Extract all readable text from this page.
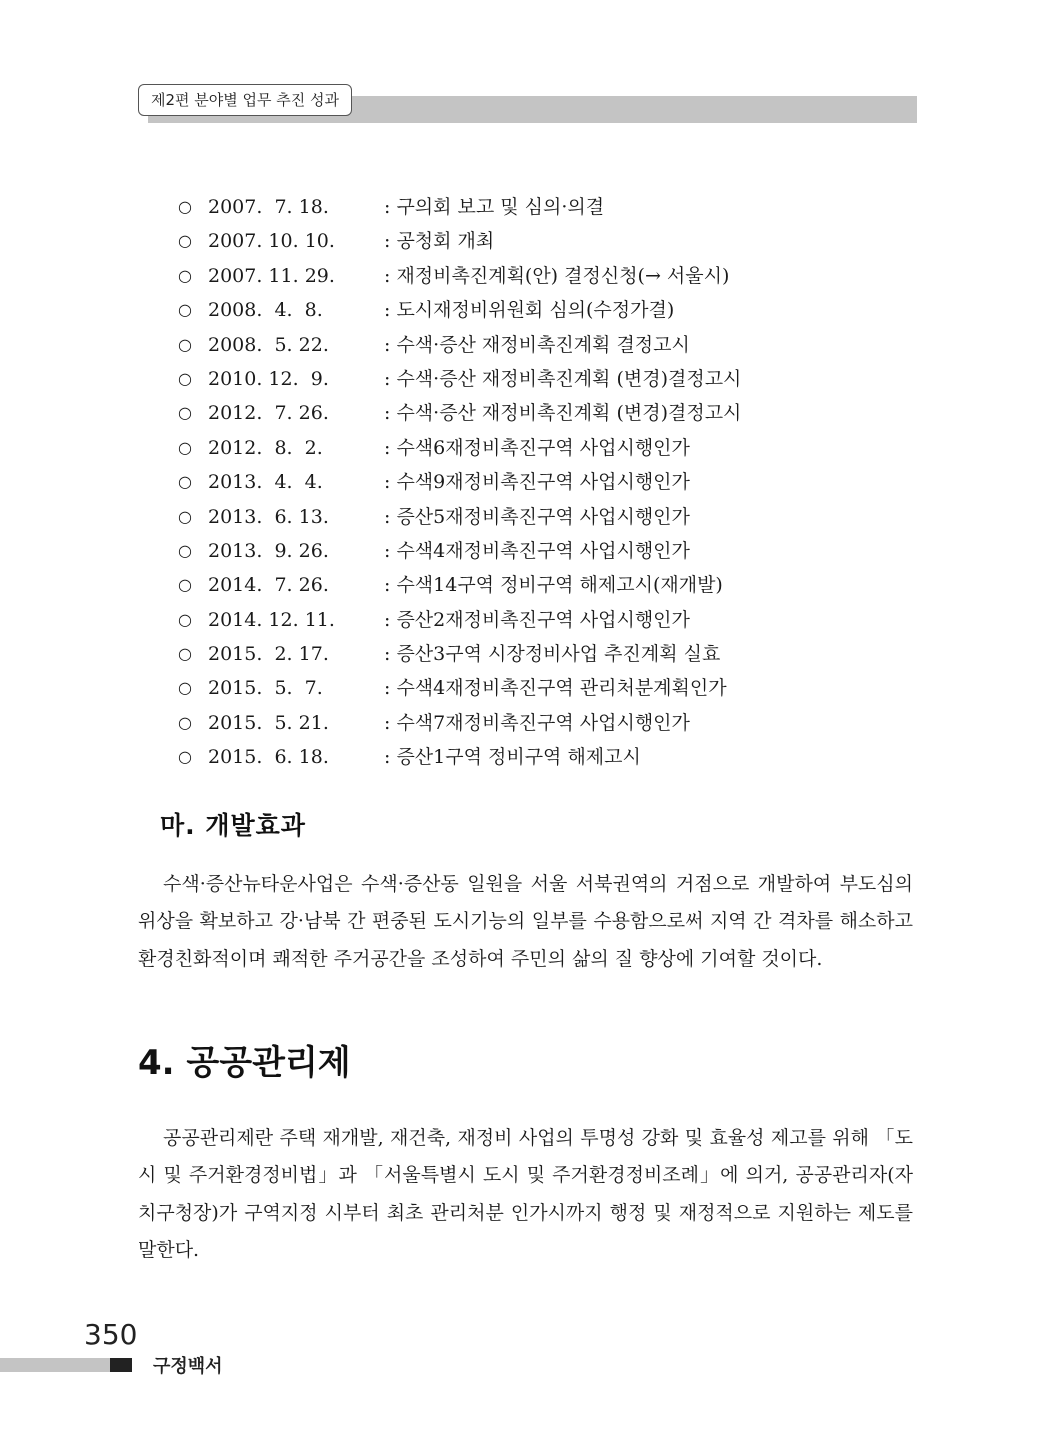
제2편 분야별 업무 추진 성과
○ 2007.  7. 18.	: 구의회 보고 및 심의·의결
○ 2007. 10. 10.	: 공청회 개최
○ 2007. 11. 29.	: 재정비촉진계획(안) 결정신청(→ 서울시)
○ 2008.  4.  8.	: 도시재정비위원회 심의(수정가결)
○ 2008.  5. 22.	: 수색·증산 재정비촉진계획 결정고시
○ 2010. 12.  9.	: 수색·증산 재정비촉진계획 (변경)결정고시
○ 2012.  7. 26.	: 수색·증산 재정비촉진계획 (변경)결정고시
○ 2012.  8.  2.	: 수색6재정비촉진구역 사업시행인가
○ 2013.  4.  4.	: 수색9재정비촉진구역 사업시행인가
○ 2013.  6. 13.	: 증산5재정비촉진구역 사업시행인가
○ 2013.  9. 26.	: 수색4재정비촉진구역 사업시행인가
○ 2014.  7. 26.	: 수색14구역 정비구역 해제고시(재개발)
○ 2014. 12. 11.	: 증산2재정비촉진구역 사업시행인가
○ 2015.  2. 17.	: 증산3구역 시장정비사업 추진계획 실효
○ 2015.  5.  7.	: 수색4재정비촉진구역 관리처분계획인가
○ 2015.  5. 21.	: 수색7재정비촉진구역 사업시행인가
○ 2015.  6. 18.	: 증산1구역 정비구역 해제고시
마. 개발효과

수색·증산뉴타운사업은 수색·증산동 일원을 서울 서북권역의 거점으로 개발하여 부도심의 위상을 확보하고 강·남북 간 편중된 도시기능의 일부를 수용함으로써 지역 간 격차를 해소하고 환경친화적이며 쾌적한 주거공간을 조성하여 주민의 삶의 질 향상에 기여할 것이다.

4. 공공관리제

공공관리제란 주택 재개발, 재건축, 재정비 사업의 투명성 강화 및 효율성 제고를 위해 「도시 및 주거환경정비법」과 「서울특별시 도시 및 주거환경정비조례」에 의거, 공공관리자(자치구청장)가 구역지정 시부터 최초 관리처분 인가시까지 행정 및 재정적으로 지원하는 제도를 말한다.

350
구정백서
